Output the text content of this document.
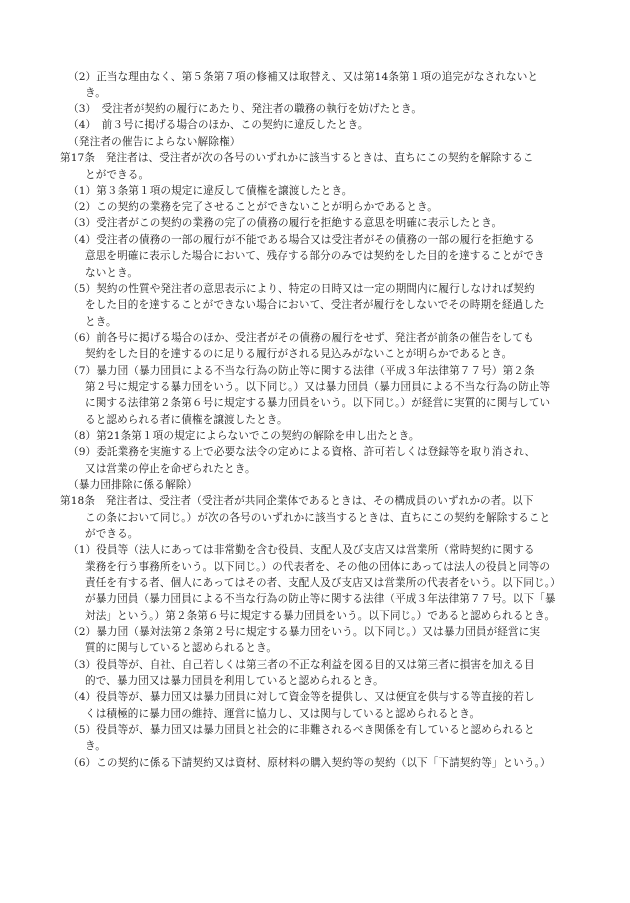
（2）正当な理由なく、第５条第７項の修補又は取替え、又は第14条第１項の追完がなされないと
き。
（3）　受注者が契約の履行にあたり、発注者の職務の執行を妨げたとき。
（4）　前３号に掲げる場合のほか、この契約に違反したとき。
（発注者の催告によらない解除権）
第17条　発注者は、受注者が次の各号のいずれかに該当するときは、直ちにこの契約を解除するこ
とができる。
（1）第３条第１項の規定に違反して債権を譲渡したとき。
（2）この契約の業務を完了させることができないことが明らかであるとき。
（3）受注者がこの契約の業務の完了の債務の履行を拒絶する意思を明確に表示したとき。
（4）受注者の債務の一部の履行が不能である場合又は受注者がその債務の一部の履行を拒絶する
意思を明確に表示した場合において、残存する部分のみでは契約をした目的を達することができ
ないとき。
（5）契約の性質や発注者の意思表示により、特定の日時又は一定の期間内に履行しなければ契約
をした目的を達することができない場合において、受注者が履行をしないでその時期を経過した
とき。
（6）前各号に掲げる場合のほか、受注者がその債務の履行をせず、発注者が前条の催告をしても
契約をした目的を達するのに足りる履行がされる見込みがないことが明らかであるとき。
（7）暴力団（暴力団員による不当な行為の防止等に関する法律（平成３年法律第７７号）第２条
第２号に規定する暴力団をいう。以下同じ。）又は暴力団員（暴力団員による不当な行為の防止等
に関する法律第２条第６号に規定する暴力団員をいう。以下同じ。）が経営に実質的に関与してい
ると認められる者に債権を譲渡したとき。
（8）第21条第１項の規定によらないでこの契約の解除を申し出たとき。
（9）委託業務を実施する上で必要な法令の定めによる資格、許可若しくは登録等を取り消され、
又は営業の停止を命ぜられたとき。
（暴力団排除に係る解除）
第18条　発注者は、受注者（受注者が共同企業体であるときは、その構成員のいずれかの者。以下
この条において同じ。）が次の各号のいずれかに該当するときは、直ちにこの契約を解除すること
ができる。
（1）役員等（法人にあっては非常勤を含む役員、支配人及び支店又は営業所（常時契約に関する
業務を行う事務所をいう。以下同じ。）の代表者を、その他の団体にあっては法人の役員と同等の
責任を有する者、個人にあってはその者、支配人及び支店又は営業所の代表者をいう。以下同じ。）
が暴力団員（暴力団員による不当な行為の防止等に関する法律（平成３年法律第７７号。以下「暴
対法」という。）第２条第６号に規定する暴力団員をいう。以下同じ。）であると認められるとき。
（2）暴力団（暴対法第２条第２号に規定する暴力団をいう。以下同じ。）又は暴力団員が経営に実
質的に関与していると認められるとき。
（3）役員等が、自社、自己若しくは第三者の不正な利益を図る目的又は第三者に損害を加える目
的で、暴力団又は暴力団員を利用していると認められるとき。
（4）役員等が、暴力団又は暴力団員に対して資金等を提供し、又は便宜を供与する等直接的若し
くは積極的に暴力団の維持、運営に協力し、又は関与していると認められるとき。
（5）役員等が、暴力団又は暴力団員と社会的に非難されるべき関係を有していると認められると
き。
（6）この契約に係る下請契約又は資材、原材料の購入契約等の契約（以下「下請契約等」という。）
